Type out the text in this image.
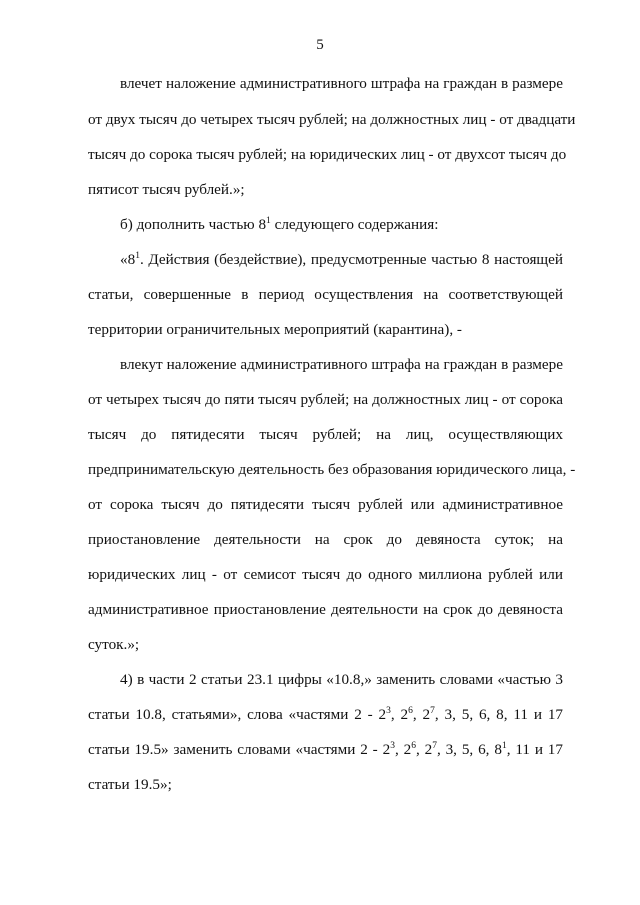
5
влечет наложение административного штрафа на граждан в размере
от двух тысяч до четырех тысяч рублей; на должностных лиц - от двадцати
тысяч до сорока тысяч рублей; на юридических лиц - от двухсот тысяч до
пятисот тысяч рублей.»;
б) дополнить частью $8^1$ следующего содержания:
«$8^1$. Действия (бездействие), предусмотренные частью 8 настоящей
статьи, совершенные в период осуществления на соответствующей
территории ограничительных мероприятий (карантина), -
влекут наложение административного штрафа на граждан в размере
от четырех тысяч до пяти тысяч рублей; на должностных лиц - от сорока
тысяч до пятидесяти тысяч рублей; на лиц, осуществляющих
предпринимательскую деятельность без образования юридического лица, -
от сорока тысяч до пятидесяти тысяч рублей или административное
приостановление деятельности на срок до девяноста суток; на
юридических лиц - от семисот тысяч до одного миллиона рублей или
административное приостановление деятельности на срок до девяноста
суток.»;
4) в части 2 статьи 23.1 цифры «10.8,» заменить словами «частью 3
статьи 10.8, статьями», слова «частями $2 - 2^3$, $2^6$, $2^7$, 3, 5, 6, 8, 11 и 17
статьи 19.5» заменить словами «частями $2 - 2^3$, $2^6$, $2^7$, 3, 5, 6, $8^1$, 11 и 17
статьи 19.5»;
